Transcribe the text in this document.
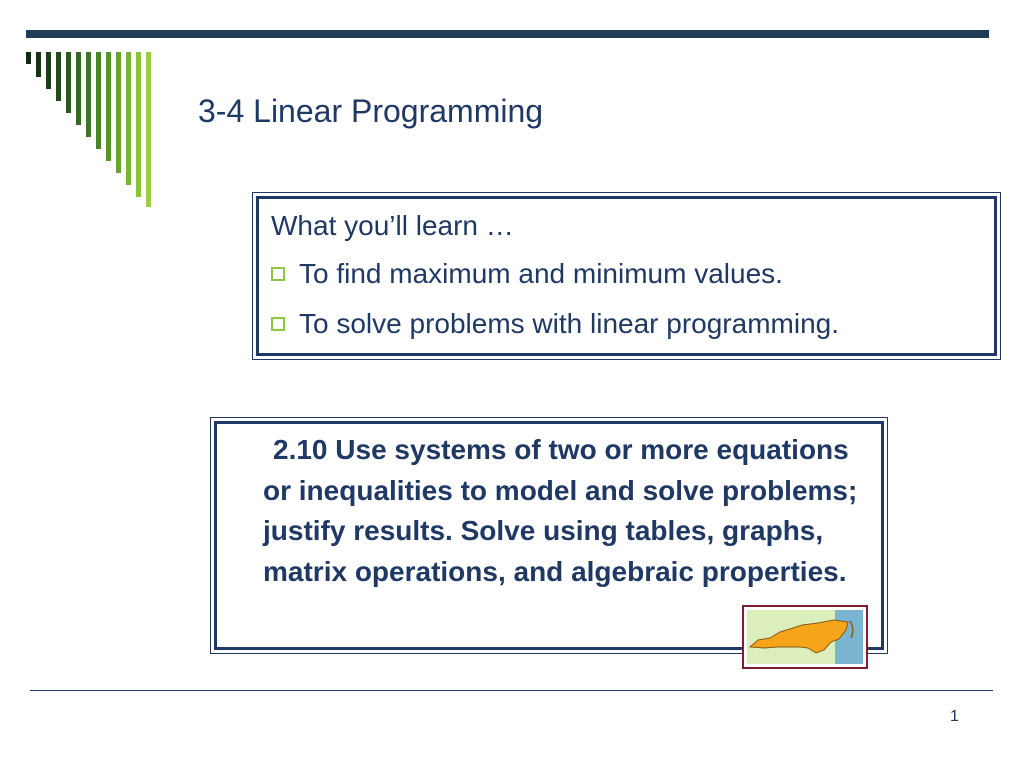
3-4 Linear Programming
What you’ll learn …
To find maximum and minimum values.
To solve problems with linear programming.
2.10 Use systems of two or more equations or inequalities to model and solve problems; justify results. Solve using tables, graphs, matrix operations, and algebraic properties.
1
